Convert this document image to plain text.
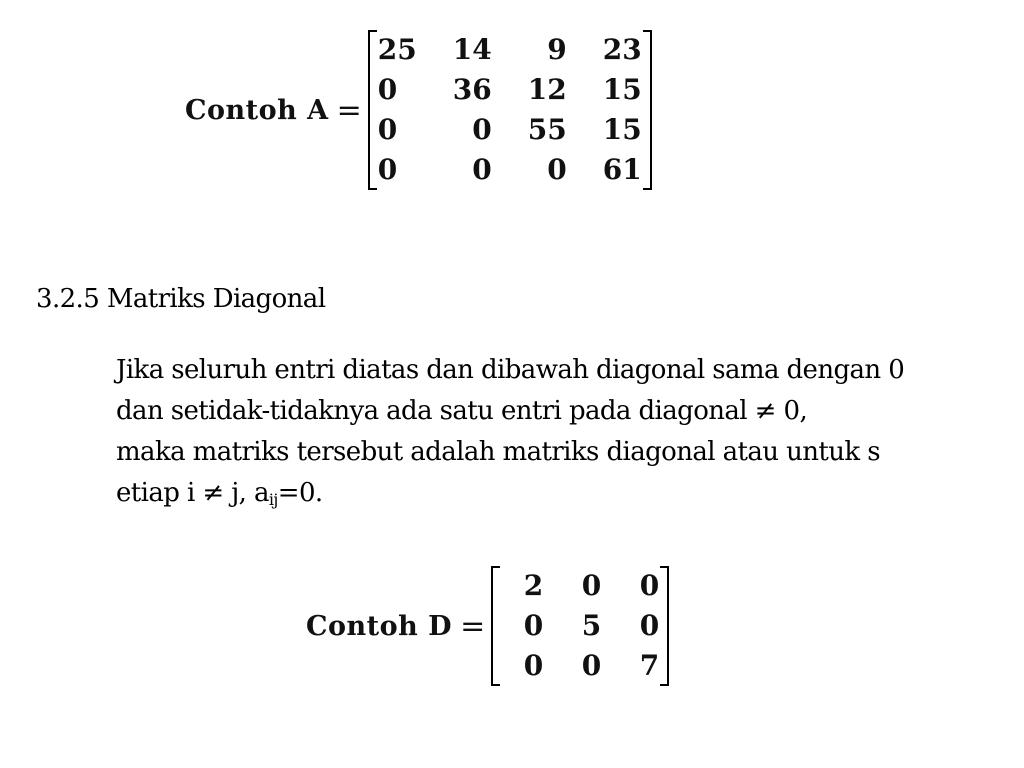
Contoh A =
25	14	9	23
0	36	12	15
0	0	55	15
0	0	0	61
3.2.5 Matriks Diagonal

Jika seluruh entri diatas dan dibawah diagonal sama dengan 0
dan setidak-tidaknya ada satu entri pada diagonal ≠ 0,
maka matriks tersebut adalah matriks diagonal atau untuk s
etiap i ≠ j, $a_{ij}=0$.

Contoh D =
2	0	0
0	5	0
0	0	7
